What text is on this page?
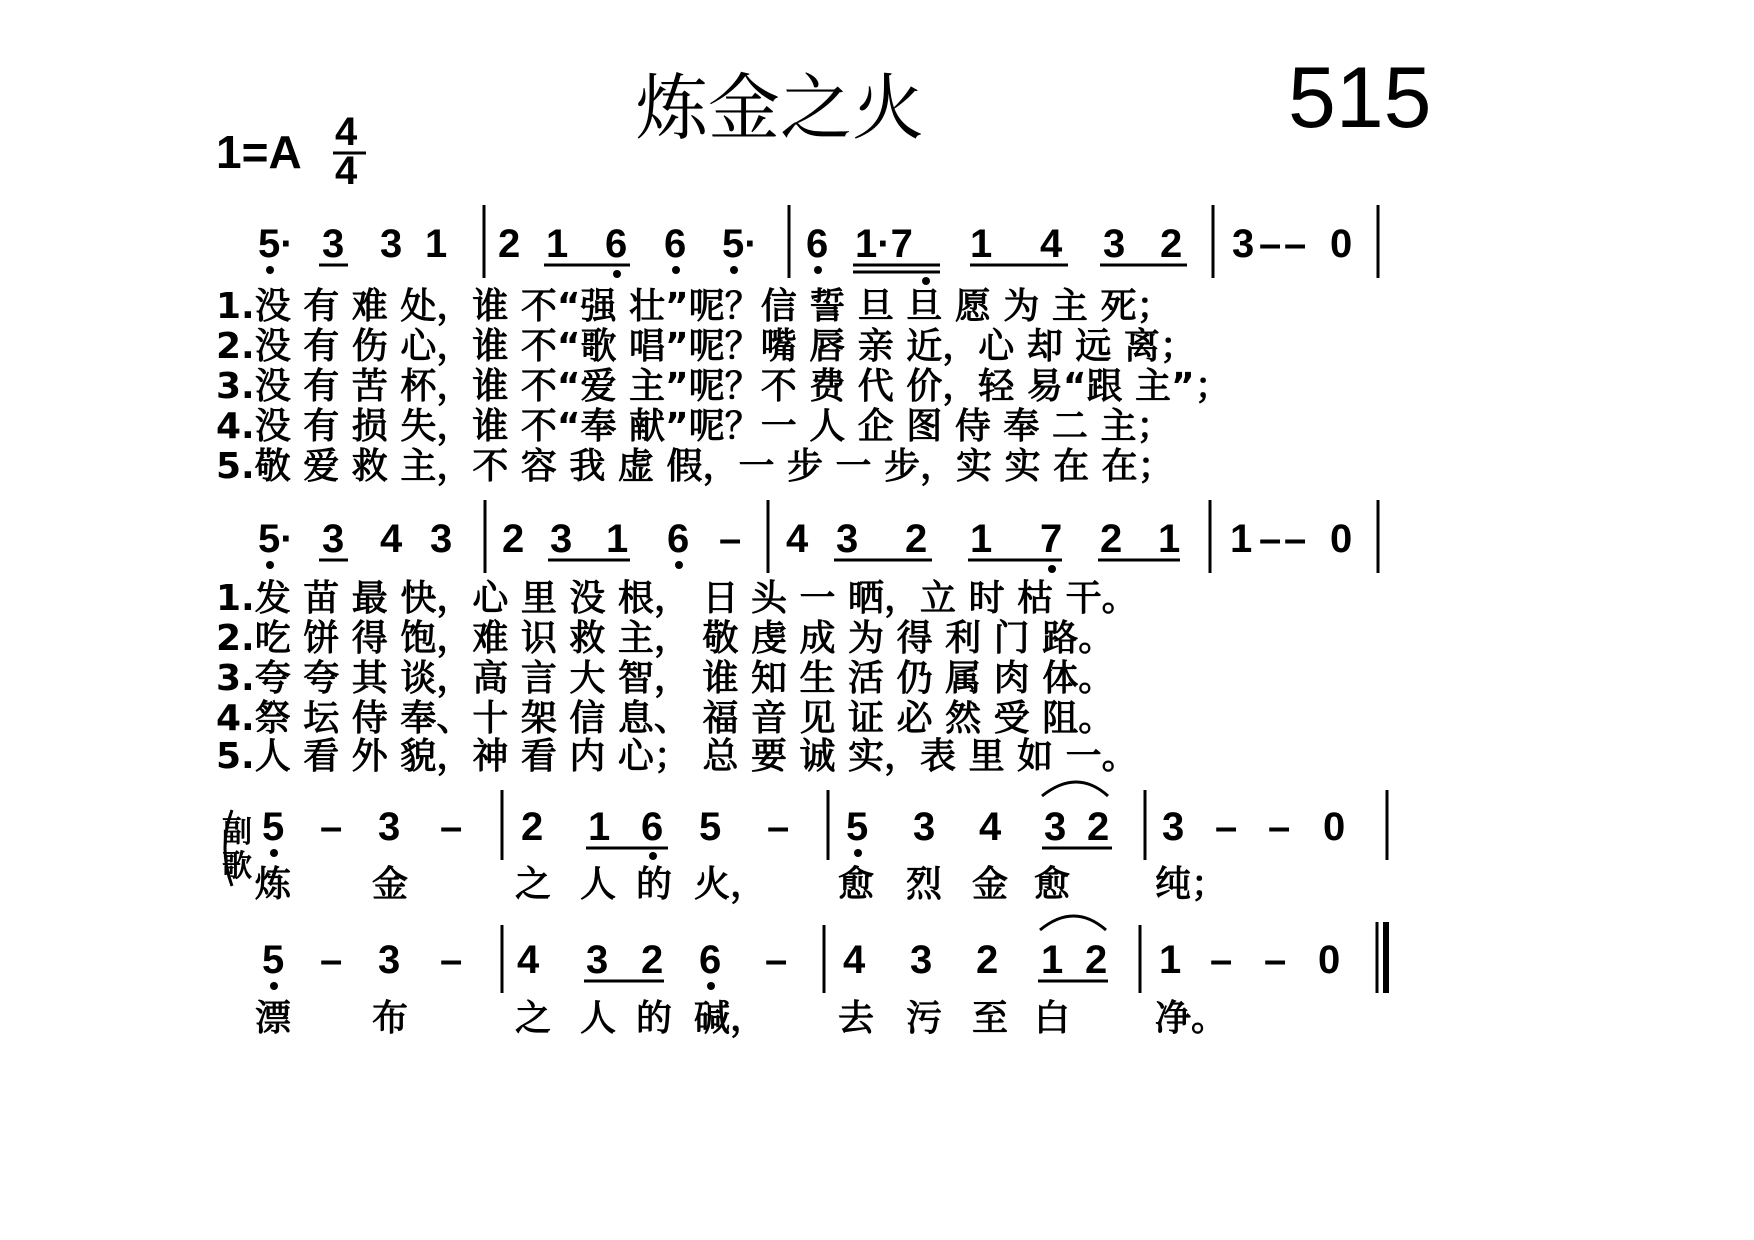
炼金之火	515
1=A 4
4
5· 3 3 1 2 1 6 6 5· 6 1·7 1 4 3 2 3 – – 0
1.没 有 难 处，谁 不“强 壮”呢？信 誓 旦 旦 愿 为 主 死；
2.没 有 伤 心，谁 不“歌 唱”呢？嘴 唇 亲 近，心 却 远 离；
3.没 有 苦 杯，谁 不“爱 主”呢？不 费 代 价，轻 易“跟 主”；
4.没 有 损 失，谁 不“奉 献”呢？一 人 企 图 侍 奉 二 主；
5.敬 爱 救 主，不 容 我 虚 假，一 步 一 步，实 实 在 在；
5· 3 4 3 2 3 1 6 – 4 3 2 1 7 2 1 1 – – 0
1.发 苗 最 快，心 里 没 根， 日 头 一 晒，立 时 枯 干。
2.吃 饼 得 饱，难 识 救 主， 敬 虔 成 为 得 利 门 路。
3.夸 夸 其 谈，高 言 大 智， 谁 知 生 活 仍 属 肉 体。
4.祭 坛 侍 奉、十 架 信 息、 福 音 见 证 必 然 受 阻。
5.人 看 外 貌，神 看 内 心； 总 要 诚 实，表 里 如 一。
副歌
5 – 3 – 2 1 6 5 – 5 3 4 3 2 3 – – 0
炼 金	之 人 的 火， 愈 烈 金 愈 纯；
5 – 3 – 4 3 2 6 – 4 3 2 1 2 1 – – 0
漂 布	之 人 的 碱， 去 污 至 白 净。
